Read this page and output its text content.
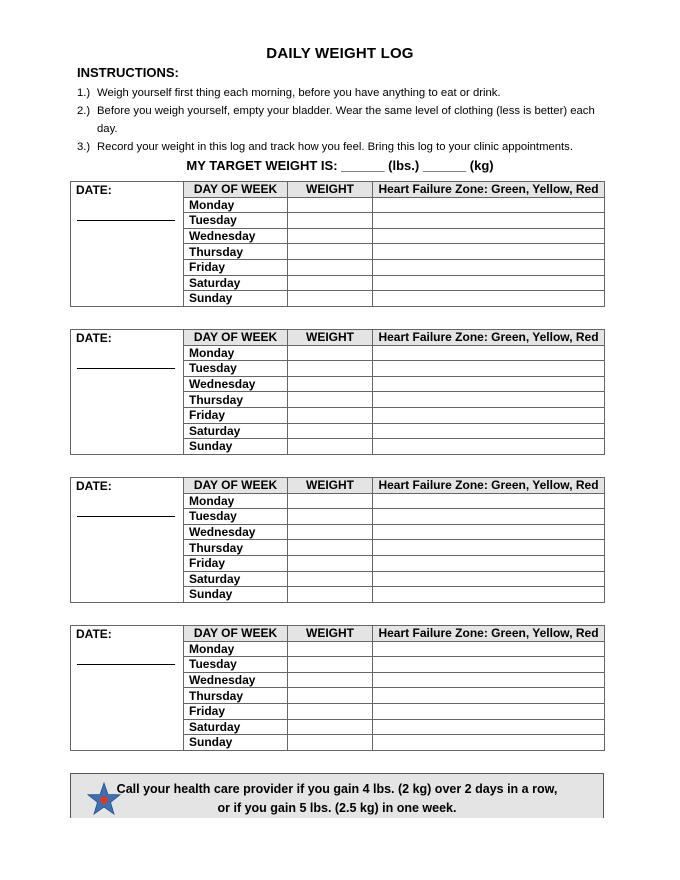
DAILY WEIGHT LOG
INSTRUCTIONS:
1.) Weigh yourself first thing each morning, before you have anything to eat or drink.
2.) Before you weigh yourself, empty your bladder. Wear the same level of clothing (less is better) each day.
3.) Record your weight in this log and track how you feel. Bring this log to your clinic appointments.
MY TARGET WEIGHT IS: ______ (lbs.) ______ (kg)
DATE:	DAY OF WEEK	WEIGHT	Heart Failure Zone: Green, Yellow, Red
	Monday		
	Tuesday		
	Wednesday		
	Thursday		
	Friday		
	Saturday		
	Sunday		
DATE:	DAY OF WEEK	WEIGHT	Heart Failure Zone: Green, Yellow, Red
	Monday		
	Tuesday		
	Wednesday		
	Thursday		
	Friday		
	Saturday		
	Sunday		
DATE:	DAY OF WEEK	WEIGHT	Heart Failure Zone: Green, Yellow, Red
	Monday		
	Tuesday		
	Wednesday		
	Thursday		
	Friday		
	Saturday		
	Sunday		
DATE:	DAY OF WEEK	WEIGHT	Heart Failure Zone: Green, Yellow, Red
	Monday		
	Tuesday		
	Wednesday		
	Thursday		
	Friday		
	Saturday		
	Sunday		
Call your health care provider if you gain 4 lbs. (2 kg) over 2 days in a row,
or if you gain 5 lbs. (2.5 kg) in one week.
